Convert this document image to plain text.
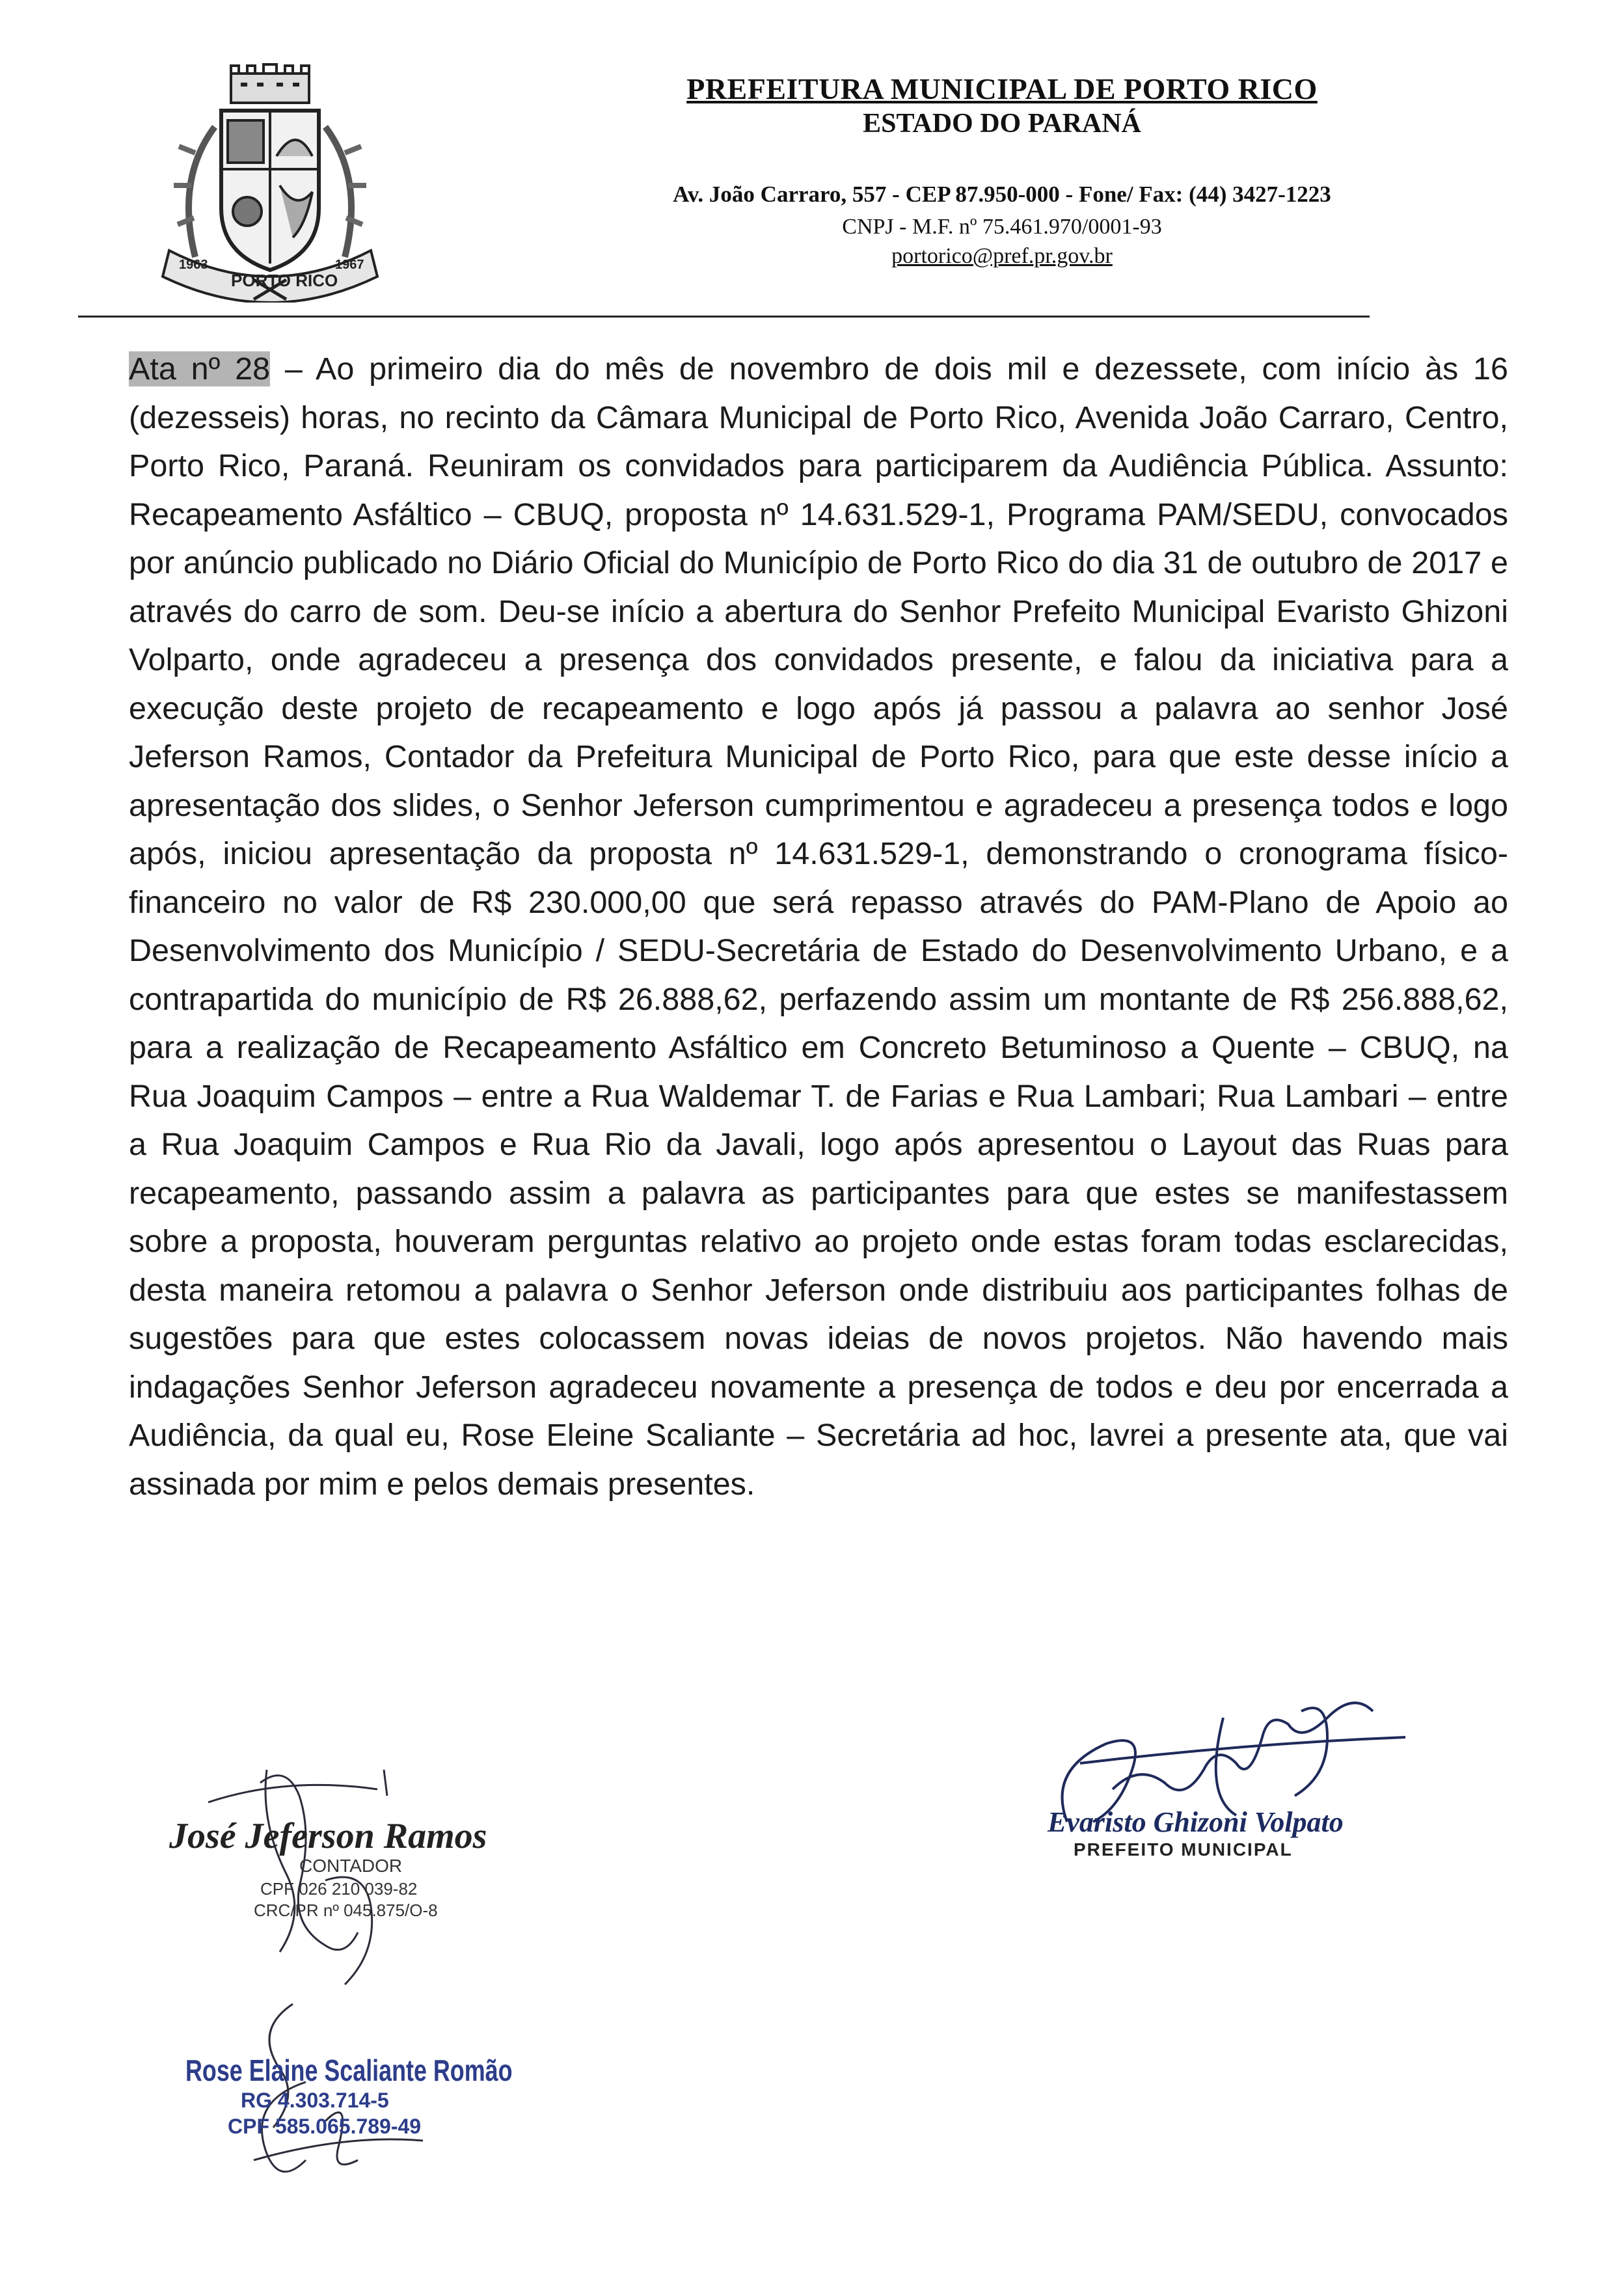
1963
PORTO RICO
1967
PREFEITURA MUNICIPAL DE PORTO RICO
ESTADO DO PARANÁ
Av. João Carraro, 557 - CEP 87.950-000 - Fone/ Fax: (44) 3427-1223
CNPJ - M.F. nº 75.461.970/0001-93
portorico@pref.pr.gov.br
Ata nº 28 – Ao primeiro dia do mês de novembro de dois mil e dezessete, com início às 16 (dezesseis) horas, no recinto da Câmara Municipal de Porto Rico, Avenida João Carraro, Centro, Porto Rico, Paraná. Reuniram os convidados para participarem da Audiência Pública. Assunto: Recapeamento Asfáltico – CBUQ, proposta nº 14.631.529-1, Programa PAM/SEDU, convocados por anúncio publicado no Diário Oficial do Município de Porto Rico do dia 31 de outubro de 2017 e através do carro de som. Deu-se início a abertura do Senhor Prefeito Municipal Evaristo Ghizoni Volparto, onde agradeceu a presença dos convidados presente, e falou da iniciativa para a execução deste projeto de recapeamento e logo após já passou a palavra ao senhor José Jeferson Ramos, Contador da Prefeitura Municipal de Porto Rico, para que este desse início a apresentação dos slides, o Senhor Jeferson cumprimentou e agradeceu a presença todos e logo após, iniciou apresentação da proposta nº 14.631.529-1, demonstrando o cronograma físico-financeiro no valor de R$ 230.000,00 que será repasso através do PAM-Plano de Apoio ao Desenvolvimento dos Município / SEDU-Secretária de Estado do Desenvolvimento Urbano, e a contrapartida do município de R$ 26.888,62, perfazendo assim um montante de R$ 256.888,62, para a realização de Recapeamento Asfáltico em Concreto Betuminoso a Quente – CBUQ, na Rua Joaquim Campos – entre a Rua Waldemar T. de Farias e Rua Lambari; Rua Lambari – entre a Rua Joaquim Campos e Rua Rio da Javali, logo após apresentou o Layout das Ruas para recapeamento, passando assim a palavra as participantes para que estes se manifestassem sobre a proposta, houveram perguntas relativo ao projeto onde estas foram todas esclarecidas, desta maneira retomou a palavra o Senhor Jeferson onde distribuiu aos participantes folhas de sugestões para que estes colocassem novas ideias de novos projetos. Não havendo mais indagações Senhor Jeferson agradeceu novamente a presença de todos e deu por encerrada a Audiência, da qual eu, Rose Eleine Scaliante – Secretária ad hoc, lavrei a presente ata, que vai assinada por mim e pelos demais presentes.
José Jeferson Ramos
CONTADOR
CPF 026 210 039-82
CRC/PR nº 045.875/O-8
Evaristo Ghizoni Volpato
PREFEITO MUNICIPAL
Rose Elaine Scaliante Romão
RG 4.303.714-5
CPF 585.065.789-49
